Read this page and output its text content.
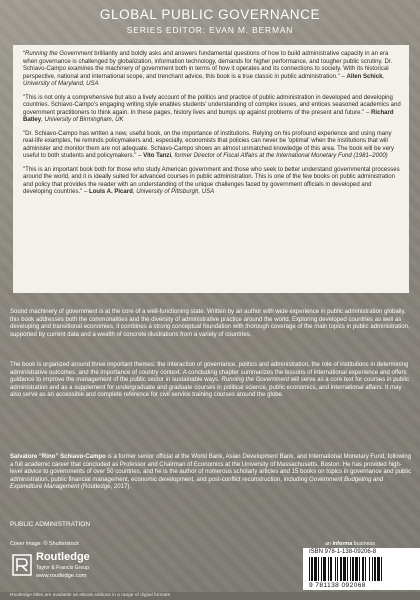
GLOBAL PUBLIC GOVERNANCE
SERIES EDITOR: EVAN M. BERMAN

“Running the Government brilliantly and boldly asks and answers fundamental questions of how to build administrative capacity in an era when governance is challenged by globalization, information technology, demands for higher performance, and tougher public scrutiny. Dr. Schiavo-Campo examines the machinery of government both in terms of how it operates and its connections to society. With its historical perspective, national and international scope, and trenchant advice, this book is a true classic in public administration." – Allen Schick, University of Maryland, USA

"This is not only a comprehensive but also a lively account of the politics and practice of public administration in developed and developing countries. Schiavo-Campo's engaging writing style enables students' understanding of complex issues, and entices seasoned academics and government practitioners to think again. In these pages, history lives and bumps up against problems of the present and future." – Richard Batley, University of Birmingham, UK

"Dr. Schiavo-Campo has written a new, useful book, on the importance of institutions. Relying on his profound experience and using many real-life examples, he reminds policymakers and, especially, economists that policies can never be 'optimal' when the institutions that will administer and monitor them are not adequate. Schiavo-Campo shows an almost unmatched knowledge of this area. The book will be very useful to both students and policymakers." – Vito Tanzi, former Director of Fiscal Affairs at the International Monetary Fund (1981–2000)

"This is an important book both for those who study American government and those who seek to better understand governmental processes around the world, and it is ideally suited for advanced courses in public administration. This is one of the few books on public administration and policy that provides the reader with an understanding of the unique challenges faced by government officials in developed and developing countries." – Louis A. Picard, University of Pittsburgh, USA

Sound machinery of government is at the core of a well-functioning state. Written by an author with wide experience in public administration globally, this book addresses both the commonalities and the diversity of administrative practice around the world. Exploring developed countries as well as developing and transitional economies, it combines a strong conceptual foundation with thorough coverage of the main topics in public administration, supported by current data and a wealth of concrete illustrations from a variety of countries.

The book is organized around three important themes: the interaction of governance, politics and administration, the role of institutions in determining administrative outcomes, and the importance of country context. A concluding chapter summarizes the lessons of international experience and offers guidance to improve the management of the public sector in sustainable ways. Running the Government will serve as a core text for courses in public administration and as a supplement for undergraduate and graduate courses in political science, public economics, and international affairs. It may also serve as an accessible and complete reference for civil service training courses around the globe.

Salvatore “Rino” Schiavo-Campo is a former senior official at the World Bank, Asian Development Bank, and International Monetary Fund, following a full academic career that concluded as Professor and Chairman of Economics at the University of Massachusetts, Boston. He has provided high-level advice to governments of over 50 countries, and he is the author of numerous scholarly articles and 15 books on topics in governance and public administration, public financial management, economic development, and post-conflict reconstruction, including Government Budgeting and Expenditure Management (Routledge, 2017).

PUBLIC ADMINISTRATION
Cover image: © Shutterstock	an informa business
Routledge
Taylor & Francis Group
www.routledge.com
ISBN 978-1-138-09206-8
9 781138 092068
Routledge titles are available as eBook editions in a range of digital formats
